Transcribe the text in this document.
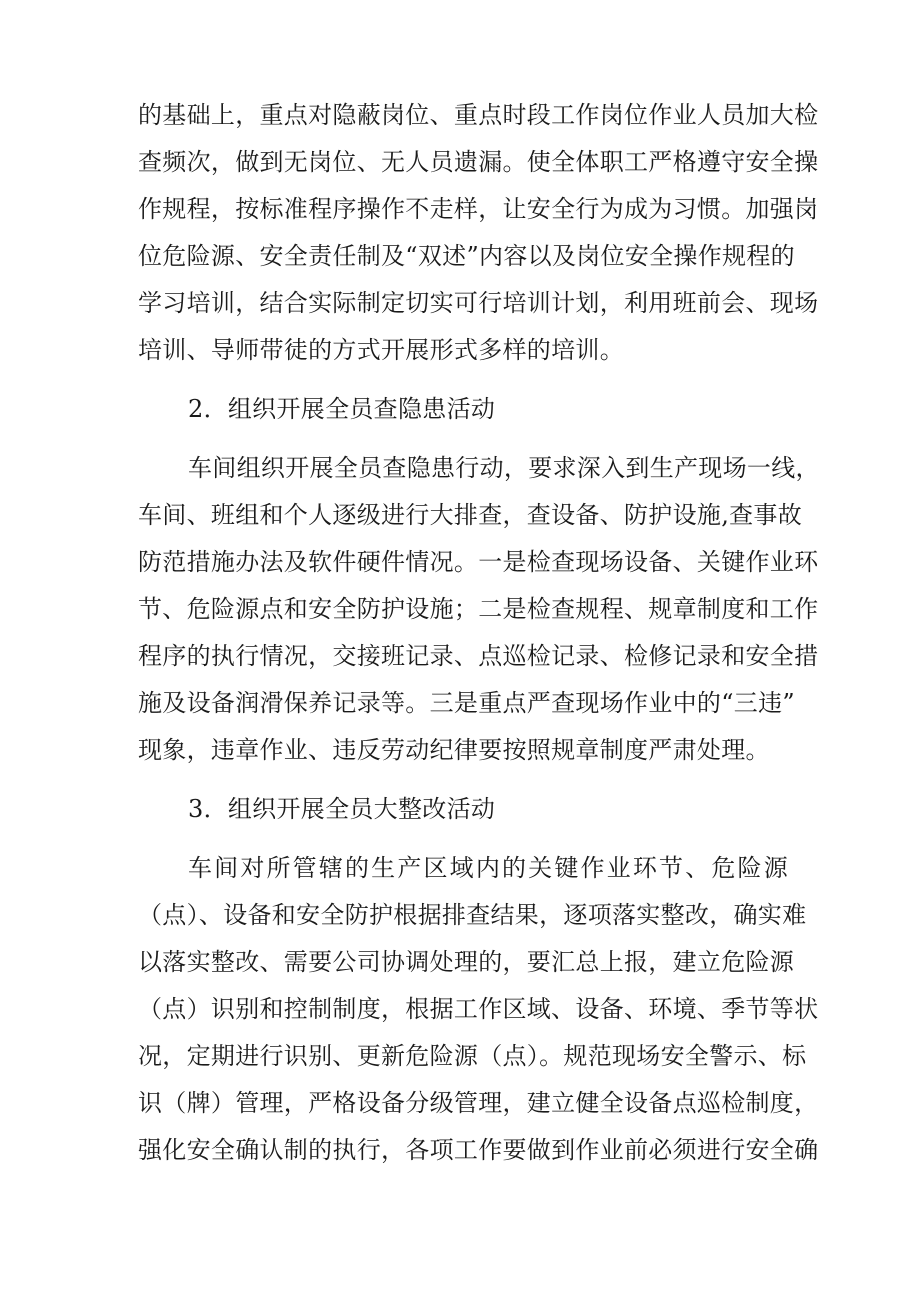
的基础上，重点对隐蔽岗位、重点时段工作岗位作业人员加大检
查频次，做到无岗位、无人员遗漏。使全体职工严格遵守安全操
作规程，按标准程序操作不走样，让安全行为成为习惯。加强岗
位危险源、安全责任制及“双述”内容以及岗位安全操作规程的
学习培训，结合实际制定切实可行培训计划，利用班前会、现场
培训、导师带徒的方式开展形式多样的培训。
2．组织开展全员查隐患活动
车间组织开展全员查隐患行动，要求深入到生产现场一线，
车间、班组和个人逐级进行大排查，查设备、防护设施,查事故
防范措施办法及软件硬件情况。一是检查现场设备、关键作业环
节、危险源点和安全防护设施；二是检查规程、规章制度和工作
程序的执行情况，交接班记录、点巡检记录、检修记录和安全措
施及设备润滑保养记录等。三是重点严查现场作业中的“三违”
现象，违章作业、违反劳动纪律要按照规章制度严肃处理。
3．组织开展全员大整改活动
车间对所管辖的生产区域内的关键作业环节、危险源
（点）、设备和安全防护根据排查结果，逐项落实整改，确实难
以落实整改、需要公司协调处理的，要汇总上报，建立危险源
（点）识别和控制制度，根据工作区域、设备、环境、季节等状
况，定期进行识别、更新危险源（点）。规范现场安全警示、标
识（牌）管理，严格设备分级管理，建立健全设备点巡检制度，
强化安全确认制的执行，各项工作要做到作业前必须进行安全确
